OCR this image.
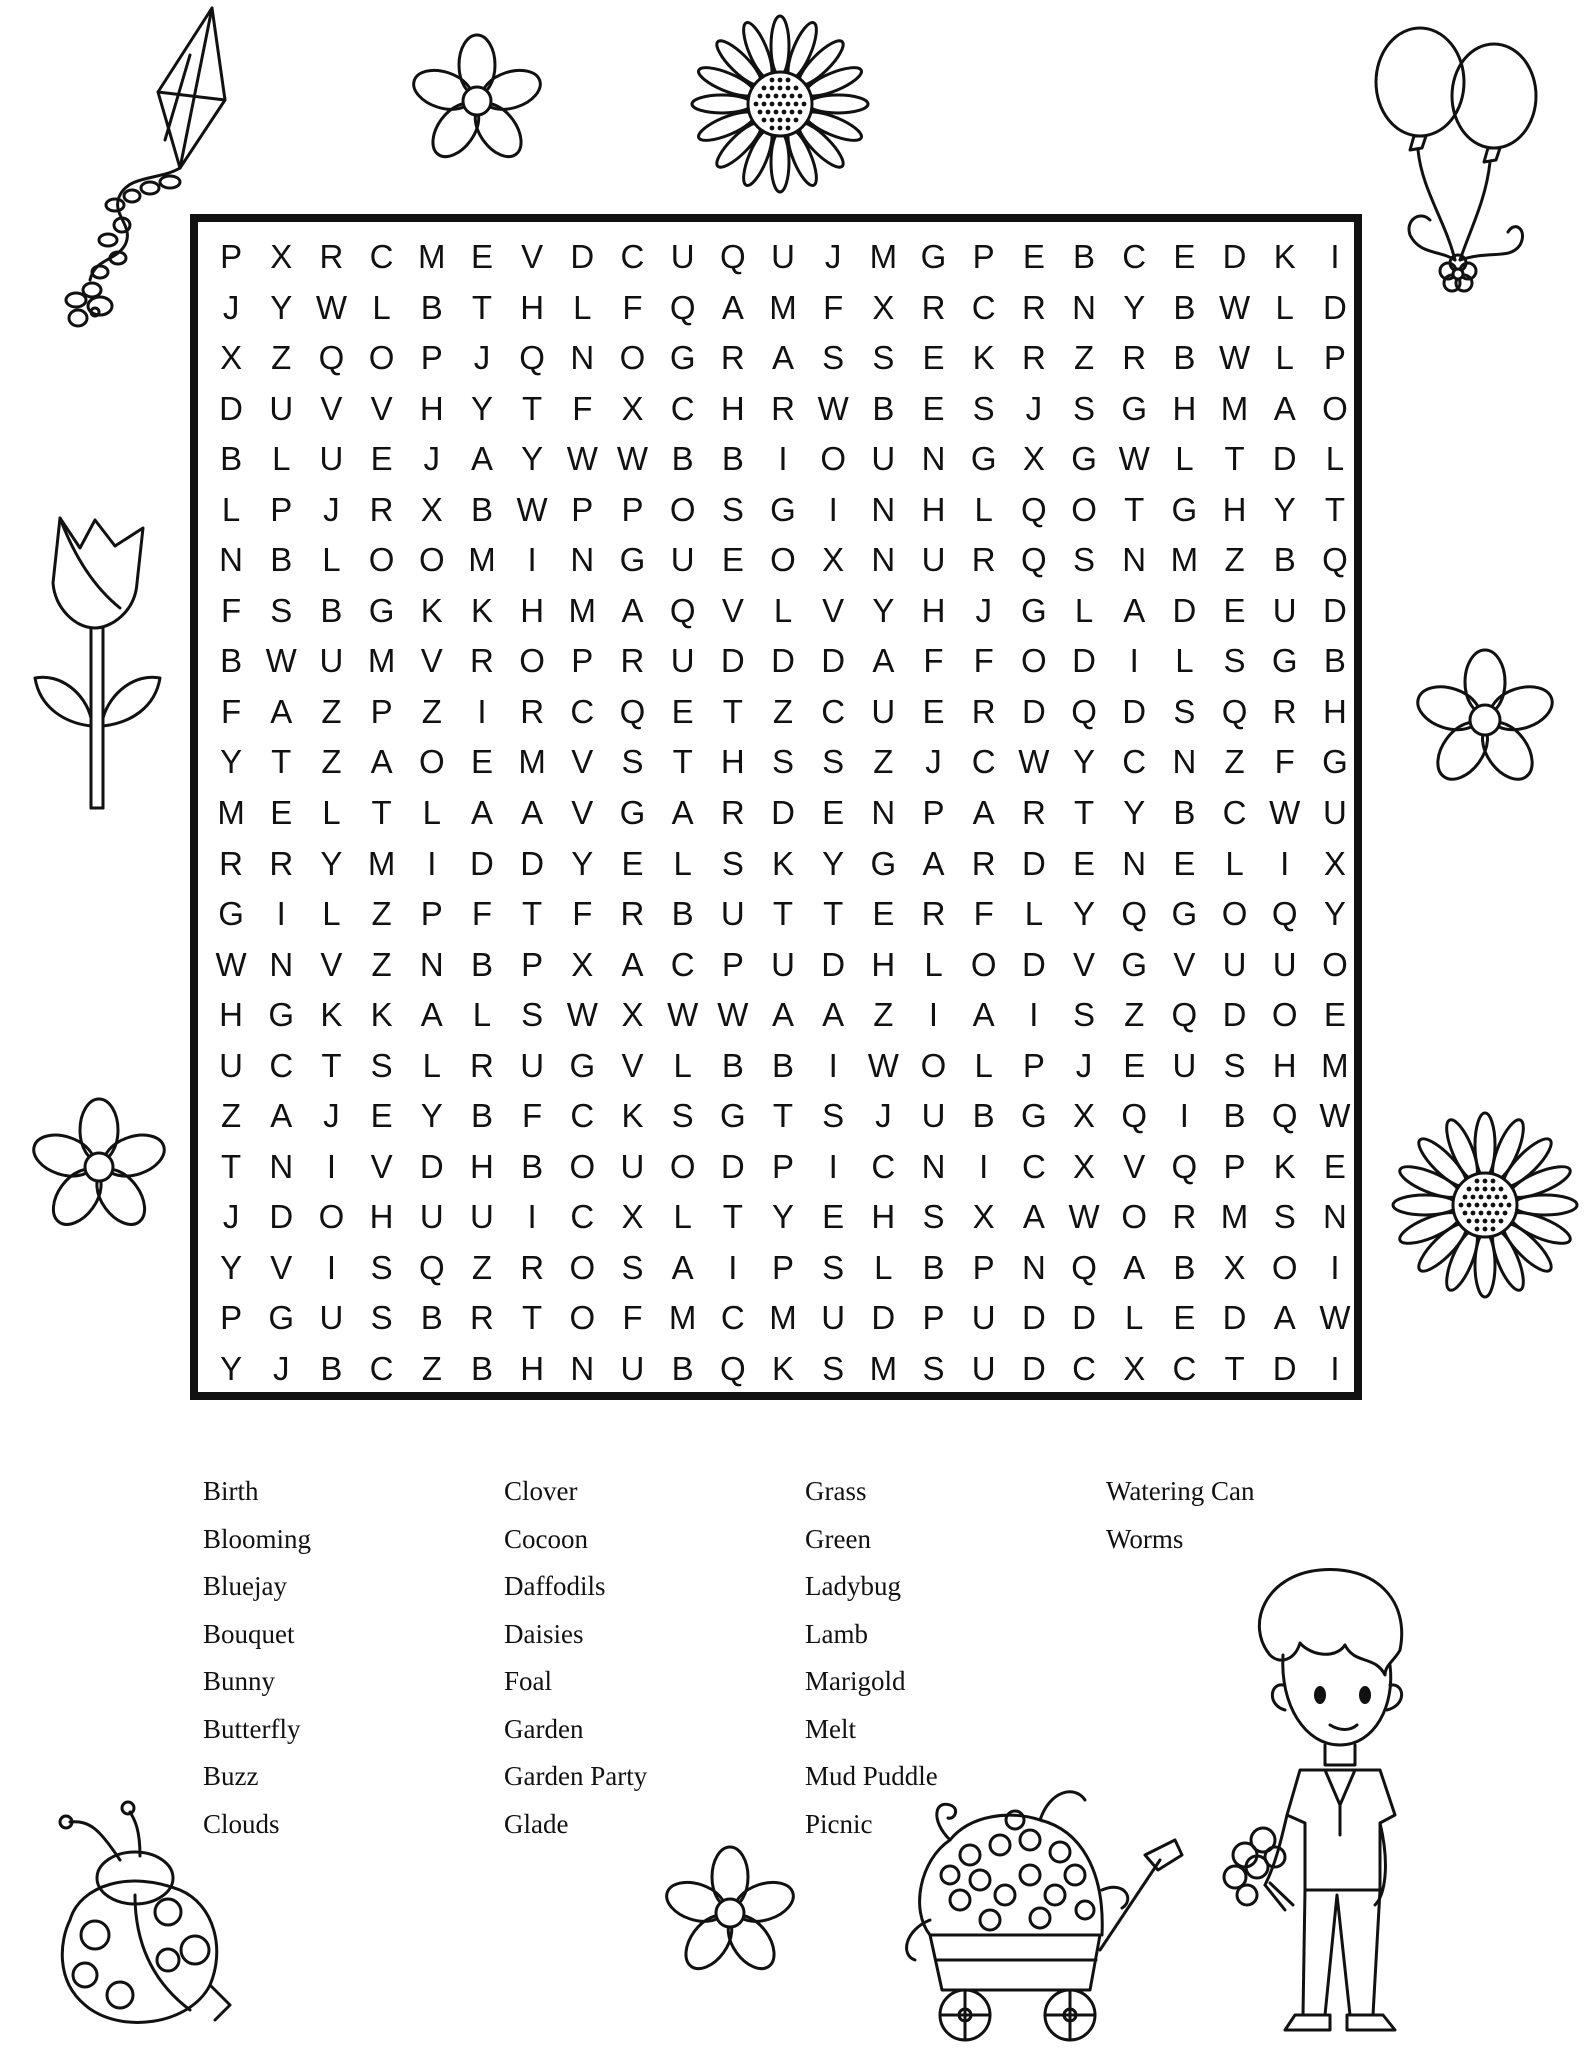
P X R C M E V D C U Q U J M G P E B C E D K	I
J Y W L B T H L F Q A M F X R C R N Y B W L D
X Z Q O P J Q N O G R A S S E K R Z R B W L P
D U V V H Y T F X C H R W B E S J S G H M A O
B L U E J A Y W W B B	I O U N G X G W L T D L
L P J R X B W P P O S G I	N H L Q O T G H Y T
N B L O O M I	N G U E O X N U R Q S N M Z B Q
F S B G K K H M A Q V L V Y H J G L A D E U D
B W U M V R O P R U D D D A F F O D	I	L S G B
F A Z P Z	I	R C Q E T Z C U E R D Q D S Q R H
Y T Z A O E M V S T H S S Z J C W Y C N Z F G
M E L T L A A V G A R D E N P A R T Y B C W U
R R Y M I	D D Y E L S K Y G A R D E N E L	I	X
G I	L Z P F T F R B U T T E R F L Y Q G O Q Y
W N V Z N B P X A C P U D H L O D V G V U U O
H G K K A L S W X W W A A Z	I	A	I	S Z Q D O E
U C T S L R U G V L B B	I W O L P J E U S H M
Z A J E Y B F C K S G T S J U B G X Q I	B Q W
T N	I	V D H B O U O D P	I	C N	I	C X V Q P K E
J D O H U U	I	C X L T Y E H S X A W O R M S N
Y V	I	S Q Z R O S A	I	P S L B P N Q A B X O I
P G U S B R T O F M C M U D P U D D L E D A W
Y J B C Z B H N U B Q K S M S U D C X C T D	I
Birth
Blooming
Bluejay
Bouquet
Bunny
Butterfly
Buzz
Clouds
Clover
Cocoon
Daffodils
Daisies
Foal
Garden
Garden Party
Glade
Grass
Green
Ladybug
Lamb
Marigold
Melt
Mud Puddle
Picnic
Watering Can
Worms
